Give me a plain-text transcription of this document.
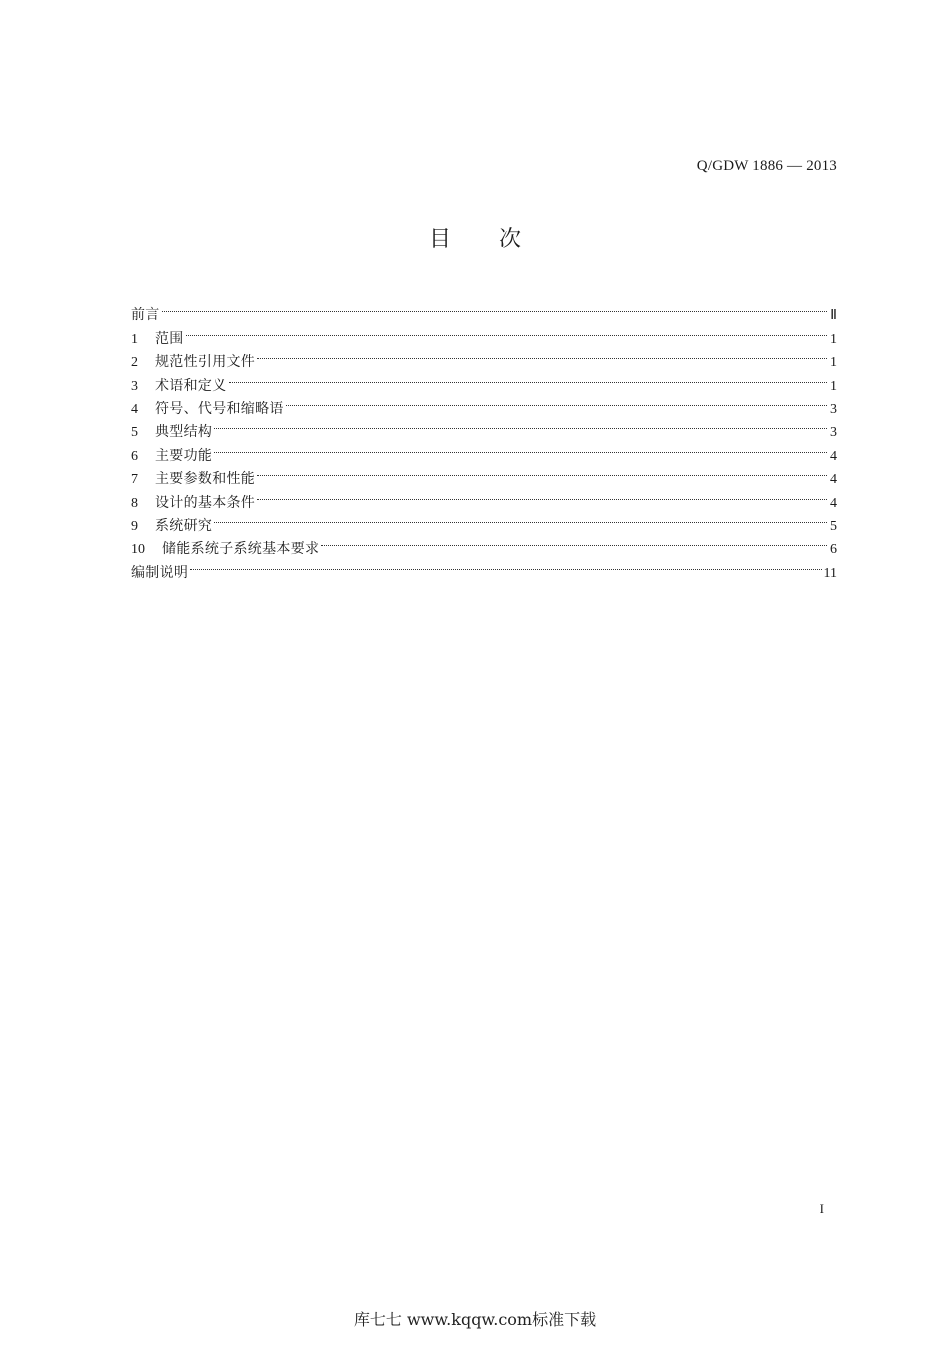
Q/GDW 1886 — 2013
目 次
前言	Ⅱ
1	范围	1
2	规范性引用文件	1
3	术语和定义	1
4	符号、代号和缩略语	3
5	典型结构	3
6	主要功能	4
7	主要参数和性能	4
8	设计的基本条件	4
9	系统研究	5
10	储能系统子系统基本要求	6
编制说明	11
I
库七七 www.kqqw.com标准下载
